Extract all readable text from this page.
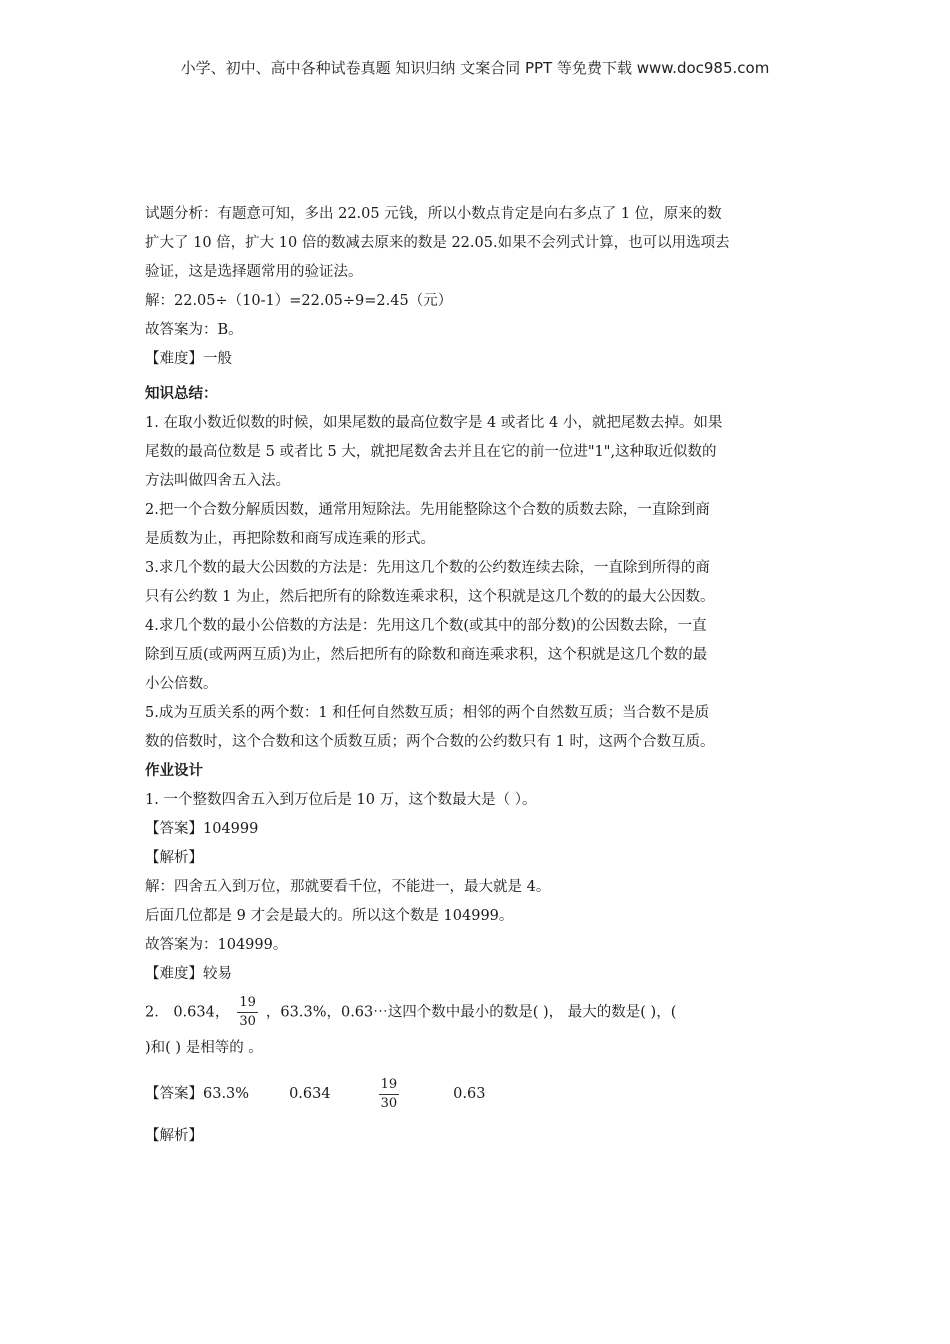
小学、初中、高中各种试卷真题 知识归纳 文案合同 PPT 等免费下载 www.doc985.com

试题分析：有题意可知，多出 22.05 元钱，所以小数点肯定是向右多点了 1 位，原来的数

扩大了 10 倍，扩大 10 倍的数减去原来的数是 22.05.如果不会列式计算，也可以用选项去

验证，这是选择题常用的验证法。

解：22.05÷（10-1）=22.05÷9=2.45（元）

故答案为：B。

【难度】一般

知识总结：

1. 在取小数近似数的时候，如果尾数的最高位数字是 4 或者比 4 小，就把尾数去掉。如果

尾数的最高位数是 5 或者比 5 大，就把尾数舍去并且在它的前一位进"1",这种取近似数的

方法叫做四舍五入法。

2.把一个合数分解质因数，通常用短除法。先用能整除这个合数的质数去除，一直除到商

是质数为止，再把除数和商写成连乘的形式。

3.求几个数的最大公因数的方法是：先用这几个数的公约数连续去除，一直除到所得的商

只有公约数 1 为止，然后把所有的除数连乘求积，这个积就是这几个数的的最大公因数。

4.求几个数的最小公倍数的方法是：先用这几个数(或其中的部分数)的公因数去除，一直

除到互质(或两两互质)为止，然后把所有的除数和商连乘求积，这个积就是这几个数的最

小公倍数。

5.成为互质关系的两个数：1 和任何自然数互质；相邻的两个自然数互质；当合数不是质

数的倍数时，这个合数和这个质数互质；两个合数的公约数只有 1 时，这两个合数互质。

作业设计

1. 一个整数四舍五入到万位后是 10 万，这个数最大是（ ）。

【答案】104999

【解析】

解：四舍五入到万位，那就要看千位，不能进一，最大就是 4。

后面几位都是 9 才会是最大的。所以这个数是 104999。

故答案为：104999。

【难度】较易

2． 0.634， $\frac{19}{30}$ ，63.3%，0.63⋯这四个数中最小的数是( )， 最大的数是( )，(

)和( ) 是相等的 。

【答案】63.3%	0.634	$\frac{19}{30}$	0.63

【解析】
